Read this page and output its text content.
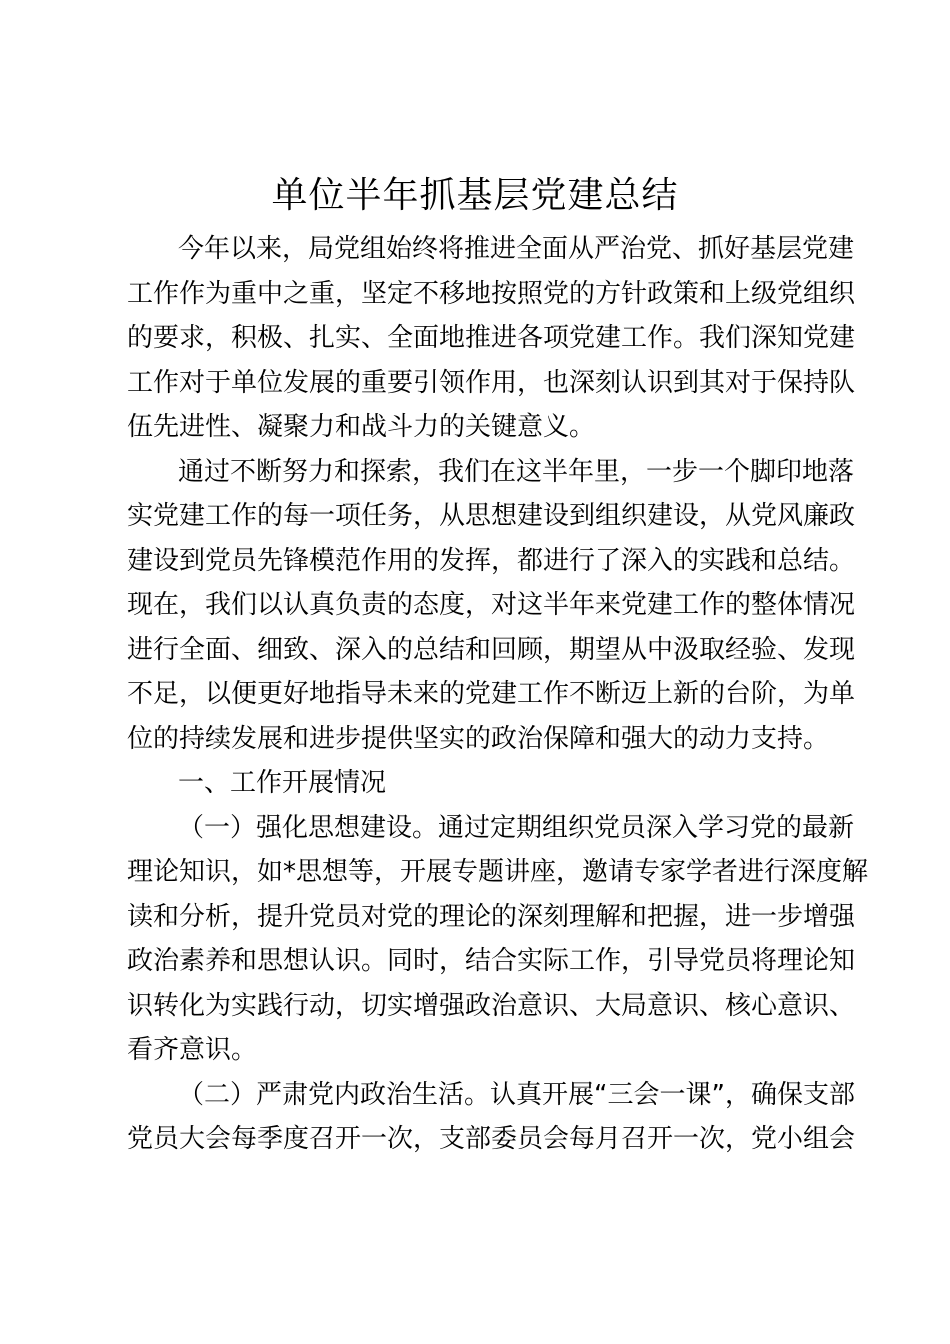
单位半年抓基层党建总结
今年以来，局党组始终将推进全面从严治党、抓好基层党建
工作作为重中之重，坚定不移地按照党的方针政策和上级党组织
的要求，积极、扎实、全面地推进各项党建工作。我们深知党建
工作对于单位发展的重要引领作用，也深刻认识到其对于保持队
伍先进性、凝聚力和战斗力的关键意义。
通过不断努力和探索，我们在这半年里，一步一个脚印地落
实党建工作的每一项任务，从思想建设到组织建设，从党风廉政
建设到党员先锋模范作用的发挥，都进行了深入的实践和总结。
现在，我们以认真负责的态度，对这半年来党建工作的整体情况
进行全面、细致、深入的总结和回顾，期望从中汲取经验、发现
不足，以便更好地指导未来的党建工作不断迈上新的台阶，为单
位的持续发展和进步提供坚实的政治保障和强大的动力支持。
一、工作开展情况
（一）强化思想建设。通过定期组织党员深入学习党的最新
理论知识，如*思想等，开展专题讲座，邀请专家学者进行深度解
读和分析，提升党员对党的理论的深刻理解和把握，进一步增强
政治素养和思想认识。同时，结合实际工作，引导党员将理论知
识转化为实践行动，切实增强政治意识、大局意识、核心意识、
看齐意识。
（二）严肃党内政治生活。认真开展“三会一课”，确保支部
党员大会每季度召开一次，支部委员会每月召开一次，党小组会
